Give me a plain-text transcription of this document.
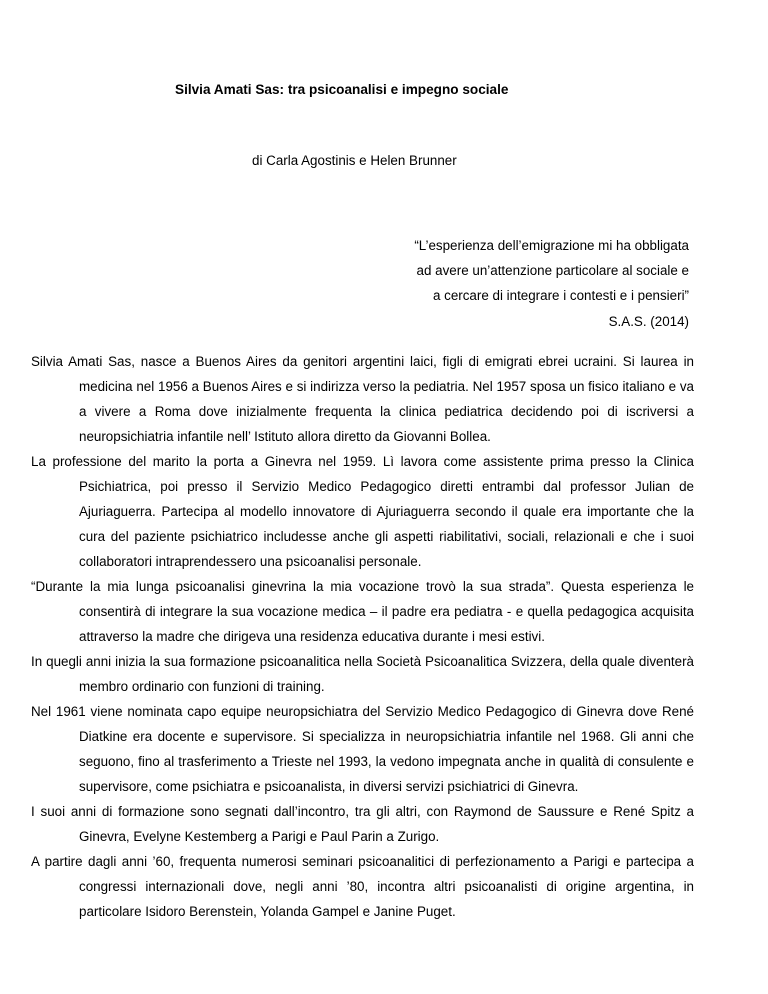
Silvia Amati Sas: tra psicoanalisi e impegno sociale
di Carla Agostinis e Helen Brunner
“L’esperienza dell’emigrazione mi ha obbligata
ad avere un’attenzione particolare al sociale e
a cercare di integrare i contesti e i pensieri”
S.A.S. (2014)

Silvia Amati Sas, nasce a Buenos Aires da genitori argentini laici, figli di emigrati ebrei ucraini. Si laurea in medicina nel 1956 a Buenos Aires e si indirizza verso la pediatria. Nel 1957 sposa un fisico italiano e va a vivere a Roma dove inizialmente frequenta la clinica pediatrica decidendo poi di iscriversi a neuropsichiatria infantile nell’ Istituto allora diretto da Giovanni Bollea.

La professione del marito la porta a Ginevra nel 1959. Lì lavora come assistente prima presso la Clinica Psichiatrica, poi presso il Servizio Medico Pedagogico diretti entrambi dal professor Julian de Ajuriaguerra. Partecipa al modello innovatore di Ajuriaguerra secondo il quale era importante che la cura del paziente psichiatrico includesse anche gli aspetti riabilitativi, sociali, relazionali e che i suoi collaboratori intraprendessero una psicoanalisi personale.

“Durante la mia lunga psicoanalisi ginevrina la mia vocazione trovò la sua strada”. Questa esperienza le consentirà di integrare la sua vocazione medica – il padre era pediatra - e quella pedagogica acquisita attraverso la madre che dirigeva una residenza educativa durante i mesi estivi.

In quegli anni inizia la sua formazione psicoanalitica nella Società Psicoanalitica Svizzera, della quale diventerà membro ordinario con funzioni di training.

Nel 1961 viene nominata capo equipe neuropsichiatra del Servizio Medico Pedagogico di Ginevra dove René Diatkine era docente e supervisore. Si specializza in neuropsichiatria infantile nel 1968. Gli anni che seguono, fino al trasferimento a Trieste nel 1993, la vedono impegnata anche in qualità di consulente e supervisore, come psichiatra e psicoanalista, in diversi servizi psichiatrici di Ginevra.

I suoi anni di formazione sono segnati dall’incontro, tra gli altri, con Raymond de Saussure e René Spitz a Ginevra, Evelyne Kestemberg a Parigi e Paul Parin a Zurigo.

A partire dagli anni ’60, frequenta numerosi seminari psicoanalitici di perfezionamento a Parigi e partecipa a congressi internazionali dove, negli anni ’80, incontra altri psicoanalisti di origine argentina, in particolare Isidoro Berenstein, Yolanda Gampel e Janine Puget.
